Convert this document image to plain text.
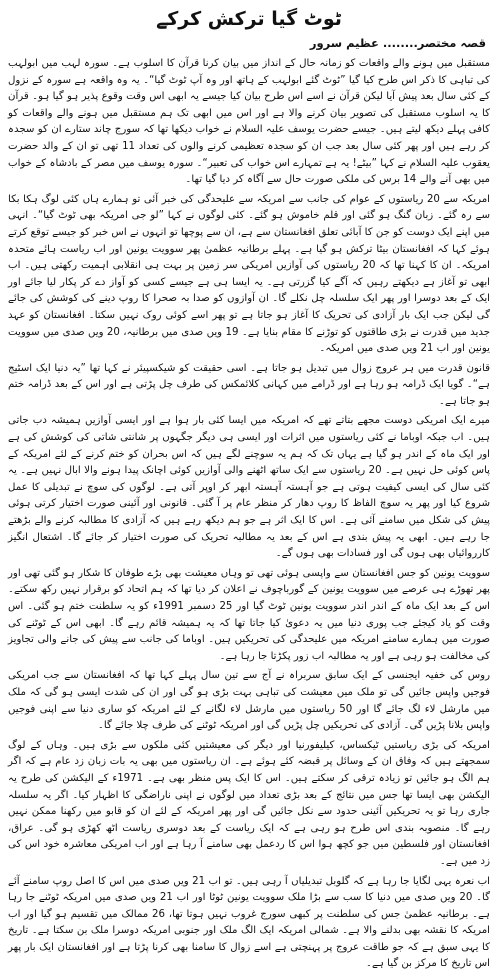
ٹوٹ گیا ترکش کرکے
قصہ مختصر........عظیم سرور

مستقبل میں ہونے والے واقعات کو زمانہ حال کے انداز میں بیان کرنا قرآن کا اسلوب ہے۔ سورہ لہب میں ابولہب کی تباہی کا ذکر اس طرح کیا گیا ”ٹوٹ گئے ابولہب کے ہاتھ اور وہ آپ ٹوٹ گیا“۔ یہ وہ واقعہ ہے سورہ کے نزول کے کئی سال بعد پیش آیا لیکن قرآن نے اسے اس طرح بیان کیا جیسے یہ ابھی اس وقت وقوع پذیر ہو گیا ہو۔ قرآن کا یہ اسلوب مستقبل کی تصویر بیان کرنے والا ہے اور اس میں ابھی تک ہم مستقبل میں ہونے والے واقعات کو کافی پہلے دیکھ لیتے ہیں۔ جیسے حضرت یوسف علیہ السلام نے خواب دیکھا تھا کہ سورج چاند ستارے ان کو سجدہ کر رہے ہیں اور پھر کئی سال بعد جب ان کو سجدہ تعظیمی کرنے والوں کی تعداد 11 تھی تو ان کے والد حضرت یعقوب علیہ السلام نے کہا ”بیٹے! یہ ہے تمہارے اس خواب کی تعبیر“۔ سورہ یوسف میں مصر کے بادشاہ کے خواب میں بھی آنے والے 14 برس کی ملکی صورت حال سے آگاہ کر دیا گیا تھا۔

امریکہ سے 20 ریاستوں کے عوام کی جانب سے امریکہ سے علیحدگی کی خبر آئی تو ہمارے ہاں کئی لوگ ہکا بکا سے رہ گئے۔ زبان گنگ ہو گئی اور قلم خاموش ہو گئے۔ کئی لوگوں نے کہا ”لو جی امریکہ بھی ٹوٹ گیا“۔ انہی میں اپنے ایک دوست کو جن کا آبائی تعلق افغانستان سے ہے، ان سے پوچھا تو انہوں نے اس خبر کو جیسے توقع کرتے ہوئے کہا کہ افغانستان بیٹا ترکش ہو گیا ہے۔ پہلے برطانیہ عظمیٰ پھر سوویت یونین اور اب ریاست ہائے متحدہ امریکہ۔ ان کا کہنا تھا کہ 20 ریاستوں کی آوازیں امریکی سر زمین پر بہت ہی انقلابی اہمیت رکھتی ہیں۔ اب ابھی تو آغاز ہے دیکھتے رہیں کہ آگے کیا گزرتی ہے۔ یہ ایسا ہی ہے جیسے کسی کو آواز دے کر پکار لیا جائے اور ایک کے بعد دوسرا اور پھر ایک سلسلہ چل نکلے گا۔ ان آوازوں کو صدا بہ صحرا کا روپ دینے کی کوشش کی جائے گی لیکن جب ایک بار آزادی کی تحریک کا آغاز ہو جاتا ہے تو پھر اسے کوئی روک نہیں سکتا۔ افغانستان کو عہد جدید میں قدرت نے بڑی طاقتوں کو توڑنے کا مقام بنایا ہے۔ 19 ویں صدی میں برطانیہ، 20 ویں صدی میں سوویت یونین اور اب 21 ویں صدی میں امریکہ۔

قانون قدرت میں ہر عروج زوال میں تبدیل ہو جاتا ہے۔ اسی حقیقت کو شیکسپیئر نے کہا تھا ”یہ دنیا ایک اسٹیج ہے“۔ گویا ایک ڈرامہ ہو رہا ہے اور ڈرامے میں کہانی کلائمکس کی طرف چل پڑتی ہے اور اس کے بعد ڈرامہ ختم ہو جاتا ہے۔

میرے ایک امریکی دوست مجھے بتاتے تھے کہ امریکہ میں ایسا کئی بار ہوا ہے اور ایسی آوازیں ہمیشہ دب جاتی ہیں۔ اب جبکہ اوباما نے کئی ریاستوں میں اثرات اور ایسی ہی دیگر جگہوں پر شانتی شاتی کی کوشش کی ہے اور ایک ماہ کے اندر ہو گیا ہے یہاں تک کہ ہم یہ سوچنے لگے ہیں کہ اس بحران کو ختم کرنے کے لئے امریکہ کے پاس کوئی حل نہیں ہے۔ 20 ریاستوں سے ایک ساتھ اٹھنے والی آوازیں کوئی اچانک پیدا ہونے والا ابال نہیں ہے۔ یہ کئی سال کی ایسی کیفیت ہوتی ہے جو آہستہ آہستہ ابھر کر اوپر آتی ہے۔ لوگوں کی سوچ نے تبدیلی کا عمل شروع کیا اور پھر یہ سوچ الفاظ کا روپ دھار کر منظر عام پر آ گئی۔ قانونی اور آئینی صورت اختیار کرتی ہوئی پیش کی شکل میں سامنے آئی ہے۔ اس کا ایک اثر ہے جو ہم دیکھ رہے ہیں کہ آزادی کا مطالبہ کرنے والے بڑھتے جا رہے ہیں۔ ابھی یہ پیش بندی ہے اس کے بعد یہ مطالبہ تحریک کی صورت اختیار کر جائے گا۔ اشتعال انگیز کارروائیاں بھی ہوں گی اور فسادات بھی ہوں گے۔

سوویت یونین کو جس افغانستان سے واپسی ہوئی تھی تو وہاں معیشت بھی بڑے طوفان کا شکار ہو گئی تھی اور پھر تھوڑے ہی عرصے میں سوویت یونین کے گورباچوف نے اعلان کر دیا تھا کہ ہم اتحاد کو برقرار نہیں رکھ سکتے۔ اس کے بعد ایک ماہ کے اندر اندر سوویت یونین ٹوٹ گیا اور 25 دسمبر 1991ء کو یہ سلطنت ختم ہو گئی۔ اس وقت کو یاد کیجئے جب پوری دنیا میں یہ دعویٰ کیا جاتا تھا کہ یہ ہمیشہ قائم رہے گا۔ ابھی اس کے ٹوٹنے کی صورت میں ہمارے سامنے امریکہ میں علیحدگی کی تحریکیں ہیں۔ اوباما کی جانب سے پیش کی جانے والی تجاویز کی مخالفت ہو رہی ہے اور یہ مطالبہ اب زور پکڑتا جا رہا ہے۔

روس کی خفیہ ایجنسی کے ایک سابق سربراہ نے آج سے تین سال پہلے کہا تھا کہ افغانستان سے جب امریکی فوجیں واپس جائیں گی تو ملک میں معیشت کی تباہی بہت بڑی ہو گی اور ان کی شدت ایسی ہو گی کہ ملک میں مارشل لاء لگ جائے گا اور 50 ریاستوں میں مارشل لاء لگانے کے لئے امریکہ کو ساری دنیا سے اپنی فوجیں واپس بلانا پڑیں گی۔ آزادی کی تحریکیں چل پڑیں گی اور امریکہ ٹوٹنے کی طرف چلا جائے گا۔

امریکہ کی بڑی ریاستیں ٹیکساس، کیلیفورنیا اور دیگر کی معیشتیں کئی ملکوں سے بڑی ہیں۔ وہاں کے لوگ سمجھتے ہیں کہ وفاق ان کے وسائل پر قبضہ کئے ہوئے ہے۔ ان ریاستوں میں بھی یہ بات زبان زد عام ہے کہ اگر ہم الگ ہو جائیں تو زیادہ ترقی کر سکتے ہیں۔ اس کا ایک پس منظر بھی ہے۔ 1971ء کے الیکشن کی طرح یہ الیکشن بھی ایسا تھا جس میں نتائج کے بعد بڑی تعداد میں لوگوں نے اپنی ناراضگی کا اظہار کیا۔ اگر یہ سلسلہ جاری رہا تو یہ تحریکیں آئینی حدود سے نکل جائیں گی اور پھر امریکہ کے لئے ان کو قابو میں رکھنا ممکن نہیں رہے گا۔ منصوبہ بندی اس طرح ہو رہی ہے کہ ایک ریاست کے بعد دوسری ریاست اٹھ کھڑی ہو گی۔ عراق، افغانستان اور فلسطین میں جو کچھ ہوا اس کا ردعمل بھی سامنے آ رہا ہے اور اب امریکی معاشرہ خود اس کی زد میں ہے۔

اب نعرہ یہی لگایا جا رہا ہے کہ گلوبل تبدیلیاں آ رہی ہیں۔ تو اب 21 ویں صدی میں اس کا اصل روپ سامنے آئے گا۔ 20 ویں صدی میں دنیا کا سب سے بڑا ملک سوویت یونین ٹوٹا اور اب 21 ویں صدی میں امریکہ ٹوٹنے جا رہا ہے۔ برطانیہ عظمیٰ جس کی سلطنت پر کبھی سورج غروب نہیں ہوتا تھا، 26 ممالک میں تقسیم ہو گیا اور اب امریکہ کا نقشہ بھی بدلنے والا ہے۔ شمالی امریکہ ایک الگ ملک اور جنوبی امریکہ دوسرا ملک بن سکتا ہے۔ تاریخ کا یہی سبق ہے کہ جو طاقت عروج پر پہنچتی ہے اسے زوال کا سامنا بھی کرنا پڑتا ہے اور افغانستان ایک بار پھر اس تاریخ کا مرکز بن گیا ہے۔
